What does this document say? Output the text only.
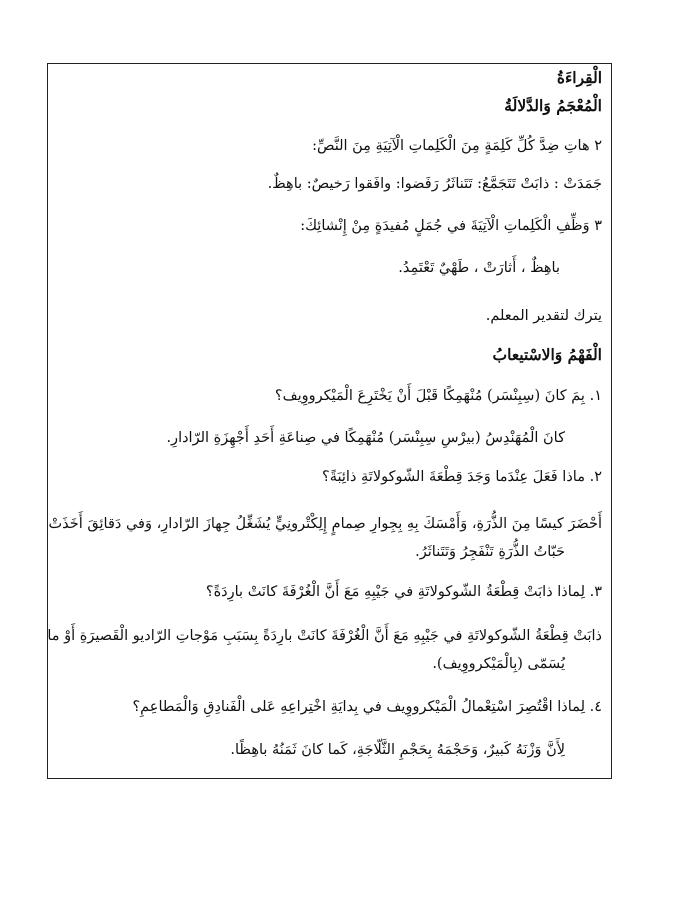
الْقِراءَةُ
الْمُعْجَمُ وَالدَّلالَةُ
٢ هاتِ ضِدَّ كُلِّ كَلِمَةٍ مِنَ الْكَلِماتِ الْآتِيَةِ مِنَ النَّصِّ:
جَمَدَتْ : ذابَتْ تَتَجَمَّعُ: تَتَناثَرُ رَفَضوا: وافَقوا رَخيصٌ: باهِظٌ.
٣ وَظِّفِ الْكَلِماتِ الْآتِيَةَ في جُمَلٍ مُفيدَةٍ مِنْ إِنْشائِكَ:
باهِظٌ ، أَثارَتْ ، طَهْيٌ تَعْتَمِدُ.
يترك لتقدير المعلم.
الْفَهْمُ وَالاسْتيعابُ
١. بِمَ كانَ (سِبِنْسَر) مُنْهَمِكًا قَبْلَ أَنْ يَخْتَرِعَ الْمَيْكرووِيف؟
كانَ الْمُهَنْدِسُ (بيرْسِ سِبِنْسَر) مُنْهَمِكًا في صِناعَةِ أَحَدِ أَجْهِزَةِ الرّادارِ.
٢. ماذا فَعَلَ عِنْدَما وَجَدَ قِطْعَةَ الشّوكولاتَةِ ذائِبَةً؟
أَحْضَرَ كيسًا مِنَ الذُّرَةِ، وَأَمْسَكَ بِهِ بِجِوارِ صِمامٍ إِلِكْتْرونِيٍّ يُشَغِّلُ جِهازَ الرّادارِ، وَفي دَقائِقَ أَخَذَتْ
حَبّاتُ الذُّرَةِ تَنْفَجِرُ وَتَتَناثَرُ.
٣. لِماذا ذابَتْ قِطْعَةُ الشّوكولاتَةِ في جَيْبِهِ مَعَ أَنَّ الْغُرْفَةَ كانَتْ بارِدَةً؟
ذابَتْ قِطْعَةُ الشّوكولاتَةِ في جَيْبِهِ مَعَ أَنَّ الْغُرْفَةَ كانَتْ بارِدَةً بِسَبَبِ مَوْجاتِ الرّاديو الْقَصيرَةِ أَوْ ما
يُسَمّى (بِالْمَيْكرووِيف).
٤. لِماذا اقْتُصِرَ اسْتِعْمالُ الْمَيْكرووِيف في بِدايَةِ اخْتِراعِهِ عَلى الْفَنادِقِ وَالْمَطاعِمِ؟
لِأَنَّ وَزْنَهُ كَبيرٌ، وَحَجْمَهُ بِحَجْمِ الثَّلّاجَةِ، كَما كانَ ثَمَنُهُ باهِظًا.
